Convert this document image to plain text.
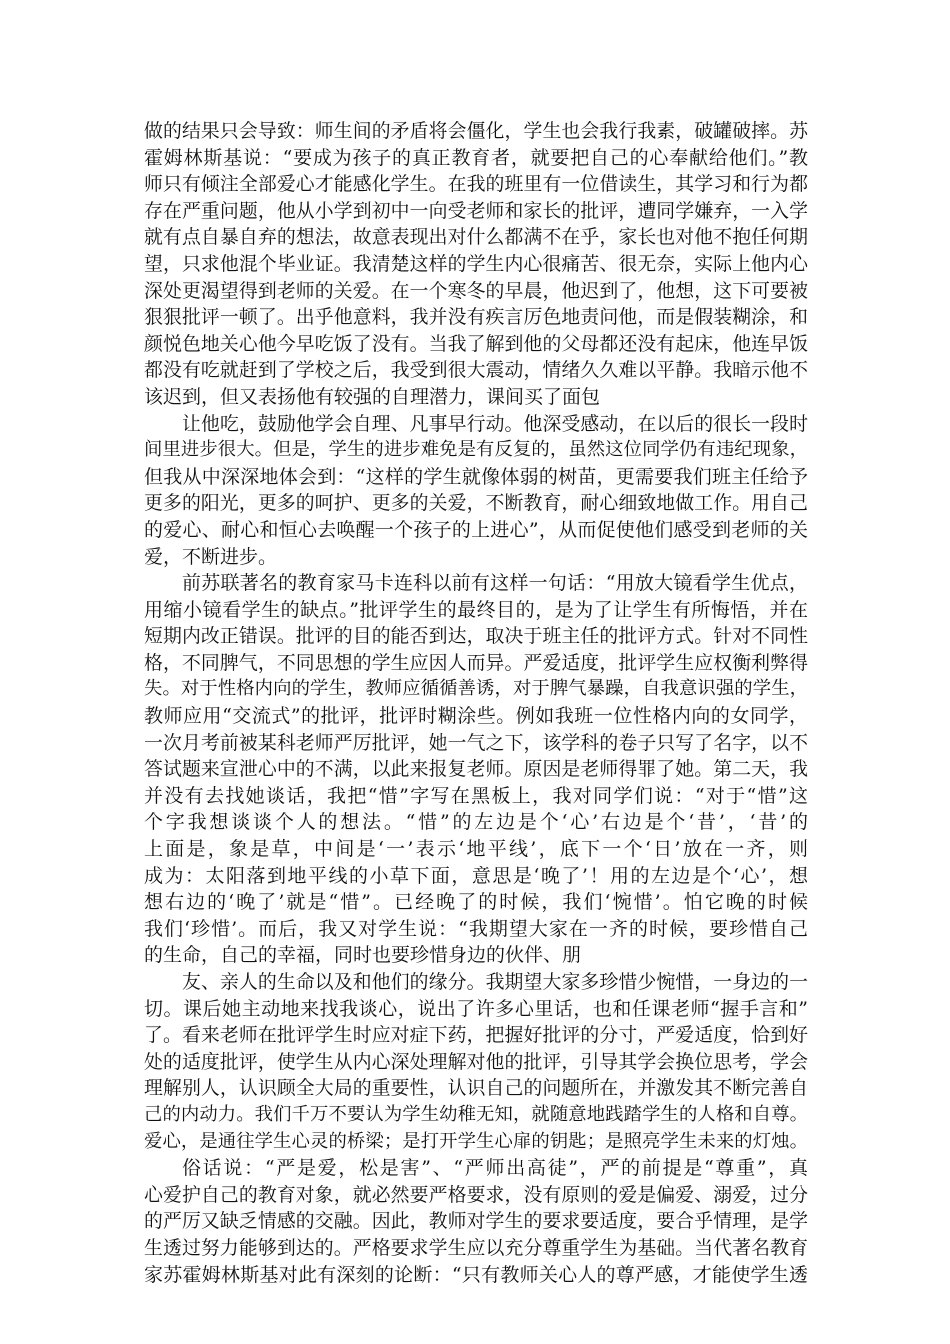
做的结果只会导致：师生间的矛盾将会僵化，学生也会我行我素，破罐破摔。苏
霍姆林斯基说：“要成为孩子的真正教育者，就要把自己的心奉献给他们。”教
师只有倾注全部爱心才能感化学生。在我的班里有一位借读生，其学习和行为都
存在严重问题，他从小学到初中一向受老师和家长的批评，遭同学嫌弃，一入学
就有点自暴自弃的想法，故意表现出对什么都满不在乎，家长也对他不抱任何期
望，只求他混个毕业证。我清楚这样的学生内心很痛苦、很无奈，实际上他内心
深处更渴望得到老师的关爱。在一个寒冬的早晨，他迟到了，他想，这下可要被
狠狠批评一顿了。出乎他意料，我并没有疾言厉色地责问他，而是假装糊涂，和
颜悦色地关心他今早吃饭了没有。当我了解到他的父母都还没有起床，他连早饭
都没有吃就赶到了学校之后，我受到很大震动，情绪久久难以平静。我暗示他不
该迟到，但又表扬他有较强的自理潜力，课间买了面包
让他吃，鼓励他学会自理、凡事早行动。他深受感动，在以后的很长一段时
间里进步很大。但是，学生的进步难免是有反复的，虽然这位同学仍有违纪现象，
但我从中深深地体会到：“这样的学生就像体弱的树苗，更需要我们班主任给予
更多的阳光，更多的呵护、更多的关爱，不断教育，耐心细致地做工作。用自己
的爱心、耐心和恒心去唤醒一个孩子的上进心”，从而促使他们感受到老师的关
爱，不断进步。
前苏联著名的教育家马卡连科以前有这样一句话：“用放大镜看学生优点，
用缩小镜看学生的缺点。”批评学生的最终目的，是为了让学生有所悔悟，并在
短期内改正错误。批评的目的能否到达，取决于班主任的批评方式。针对不同性
格，不同脾气，不同思想的学生应因人而异。严爱适度，批评学生应权衡利弊得
失。对于性格内向的学生，教师应循循善诱，对于脾气暴躁，自我意识强的学生，
教师应用“交流式”的批评，批评时糊涂些。例如我班一位性格内向的女同学，
一次月考前被某科老师严厉批评，她一气之下，该学科的卷子只写了名字，以不
答试题来宣泄心中的不满，以此来报复老师。原因是老师得罪了她。第二天，我
并没有去找她谈话，我把“惜”字写在黑板上，我对同学们说：“对于“惜”这
个字我想谈谈个人的想法。“惜”的左边是个‘心’右边是个‘昔’，‘昔’的
上面是，象是草，中间是‘一’表示‘地平线’，底下一个‘日’放在一齐，则
成为：太阳落到地平线的小草下面，意思是‘晚了’！用的左边是个‘心’，想
想右边的‘晚了’就是“惜”。已经晚了的时候，我们‘惋惜’。怕它晚的时候
我们‘珍惜’。而后，我又对学生说：“我期望大家在一齐的时候，要珍惜自己
的生命，自己的幸福，同时也要珍惜身边的伙伴、朋
友、亲人的生命以及和他们的缘分。我期望大家多珍惜少惋惜，一身边的一
切。课后她主动地来找我谈心，说出了许多心里话，也和任课老师“握手言和”
了。看来老师在批评学生时应对症下药，把握好批评的分寸，严爱适度，恰到好
处的适度批评，使学生从内心深处理解对他的批评，引导其学会换位思考，学会
理解别人，认识顾全大局的重要性，认识自己的问题所在，并激发其不断完善自
己的内动力。我们千万不要认为学生幼稚无知，就随意地践踏学生的人格和自尊。
爱心，是通往学生心灵的桥梁；是打开学生心扉的钥匙；是照亮学生未来的灯烛。
俗话说：“严是爱，松是害”、“严师出高徒”，严的前提是“尊重”，真
心爱护自己的教育对象，就必然要严格要求，没有原则的爱是偏爱、溺爱，过分
的严厉又缺乏情感的交融。因此，教师对学生的要求要适度，要合乎情理，是学
生透过努力能够到达的。严格要求学生应以充分尊重学生为基础。当代著名教育
家苏霍姆林斯基对此有深刻的论断：“只有教师关心人的尊严感，才能使学生透
